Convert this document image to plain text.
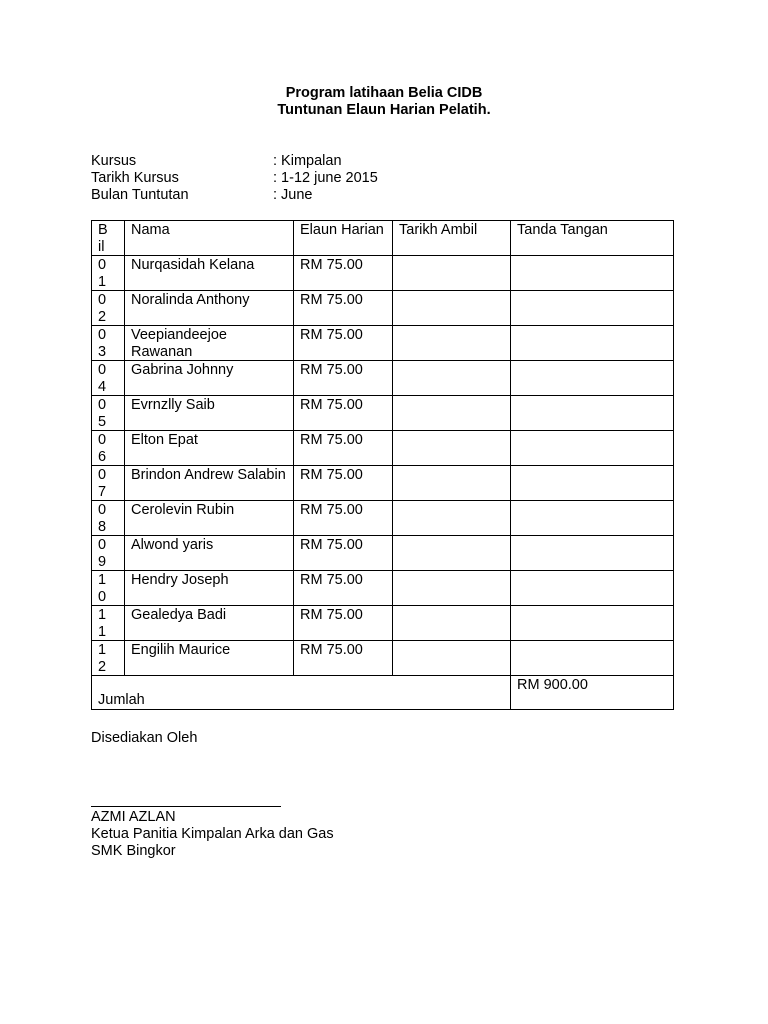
Program latihaan Belia CIDB
Tuntunan Elaun Harian Pelatih.
Kursus	: Kimpalan
Tarikh Kursus	: 1-12 june 2015
Bulan Tuntutan	: June
Bil	Nama	Elaun Harian	Tarikh Ambil	Tanda Tangan

01	Nurqasidah Kelana	RM 75.00		

02	Noralinda Anthony	RM 75.00		

03	Veepiandeejoe Rawanan	RM 75.00		

04	Gabrina Johnny	RM 75.00		

05	Evrnzlly Saib	RM 75.00		

06	Elton Epat	RM 75.00		

07	Brindon Andrew Salabin	RM 75.00		

08	Cerolevin Rubin	RM 75.00		

09	Alwond yaris	RM 75.00		

10	Hendry Joseph	RM 75.00		

11	Gealedya Badi	RM 75.00		

12	Engilih Maurice	RM 75.00		
Jumlah				RM 900.00
Disediakan Oleh
AZMI AZLAN
Ketua Panitia Kimpalan Arka dan Gas
SMK Bingkor
